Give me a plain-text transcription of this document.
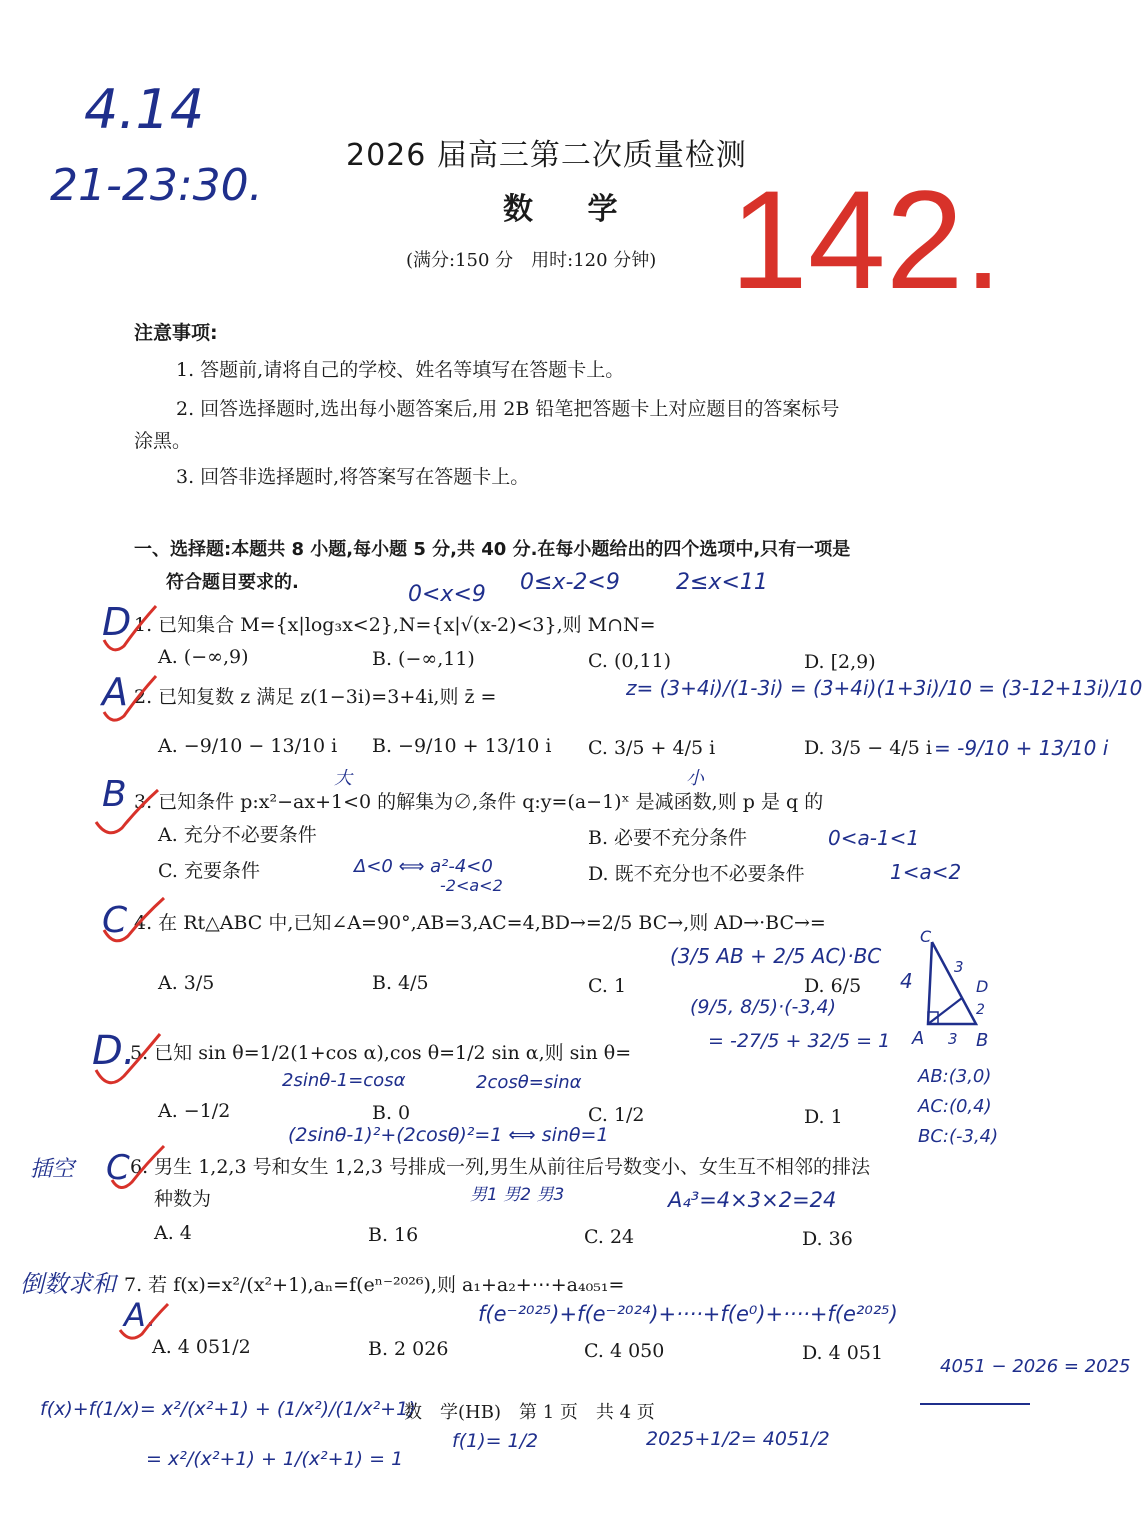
2026 届高三第二次质量检测
数 学
(满分:150 分　用时:120 分钟)
4.14
21-23:30.	142.
注意事项:
1. 答题前,请将自己的学校、姓名等填写在答题卡上。
2. 回答选择题时,选出每小题答案后,用 2B 铅笔把答题卡上对应题目的答案标号
涂黑。
3. 回答非选择题时,将答案写在答题卡上。
一、选择题:本题共 8 小题,每小题 5 分,共 40 分.在每小题给出的四个选项中,只有一项是
符合题目要求的.	0<x<9 0≤x-2<9	2≤x<11
D 1. 已知集合 M={x|log₃x<2},N={x|√(x-2)<3},则 M∩N=
A. (−∞,9)	B. (−∞,11)	C. (0,11)	D. [2,9)
A 2. 已知复数 z 满足 z(1−3i)=3+4i,则 z̄ =	z= (3+4i)/(1-3i) = (3+4i)(1+3i)/10 = (3-12+13i)/10
= -9/10 + 13/10 i
A. −9/10 − 13/10 i B. −9/10 + 13/10 i C. 3/5 + 4/5 i	D. 3/5 − 4/5 i
大	小
B 3. 已知条件 p:x²−ax+1<0 的解集为∅,条件 q:y=(a−1)ˣ 是减函数,则 p 是 q 的
A. 充分不必要条件	B. 必要不充分条件
C. 充要条件	D. 既不充分也不必要条件
Δ<0 ⟺ a²-4<0
-2<a<2
0<a-1<1
1<a<2
C 4. 在 Rt△ABC 中,已知∠A=90°,AB=3,AC=4,BD→=2/5 BC→,则 AD→·BC→=
A. 3/5	B. 4/5	C. 1	D. 6/5
(3/5 AB + 2/5 AC)·BC
(9/5, 8/5)·(-3,4)
= -27/5 + 32/5 = 1
AB:(3,0)
AC:(0,4)
BC:(-3,4)
C
4
3
D
2
A 3 B
D.
5. 已知 sin θ=1/2(1+cos α),cos θ=1/2 sin α,则 sin θ=
2sinθ-1=cosα	2cosθ=sinα
A. −1/2	B. 0	C. 1/2	D. 1
(2sinθ-1)²+(2cosθ)²=1 ⟺ sinθ=1
插空 C 6. 男生 1,2,3 号和女生 1,2,3 号排成一列,男生从前往后号数变小、女生互不相邻的排法
种数为	男1 男2 男3	A₄³=4×3×2=24
A. 4	B. 16	C. 24	D. 36
倒数求和 7. 若 f(x)=x²/(x²+1),aₙ=f(eⁿ⁻²⁰²⁶),则 a₁+a₂+⋯+a₄₀₅₁=
A.	f(e⁻²⁰²⁵)+f(e⁻²⁰²⁴)+····+f(e⁰)+····+f(e²⁰²⁵)
A. 4 051/2	B. 2 026	C. 4 050	D. 4 051
4051 − 2026 = 2025
f(x)+f(1/x)= x²/(x²+1) + (1/x²)/(1/x²+1)
= x²/(x²+1) + 1/(x²+1) = 1
f(1)= 1/2	2025+1/2= 4051/2
数　学(HB)　第 1 页　共 4 页
